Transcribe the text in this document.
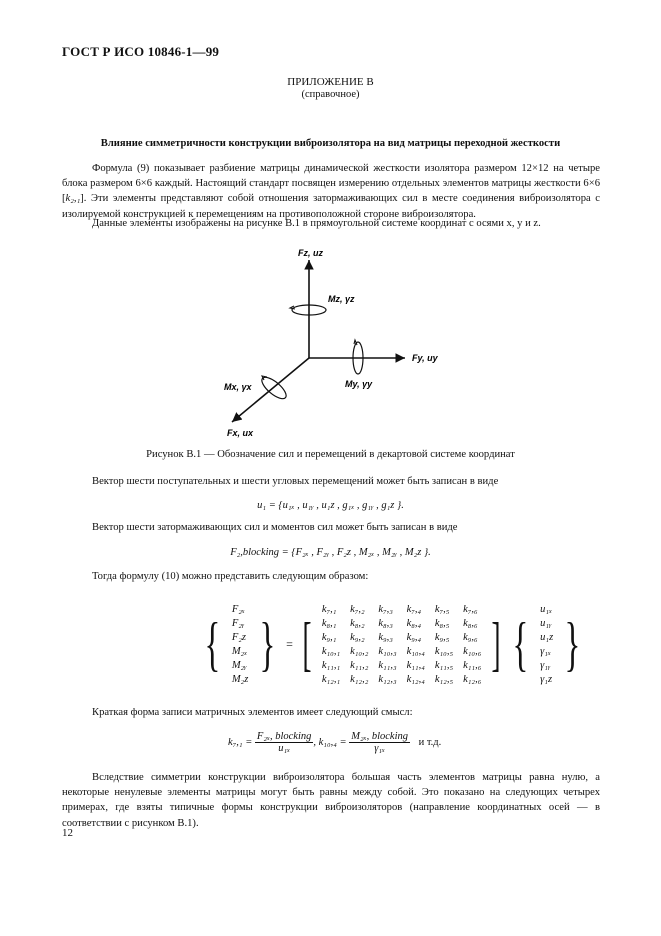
ГОСТ Р ИСО 10846-1—99
ПРИЛОЖЕНИЕ В
(справочное)
Влияние симметричности конструкции виброизолятора на вид матрицы переходной жесткости
Формула (9) показывает разбиение матрицы динамической жесткости изолятора размером 12×12 на четыре блока размером 6×6 каждый. Настоящий стандарт посвящен измерению отдельных элементов матрицы жесткости 6×6 [k₂,₁]. Эти элементы представляют собой отношения затормаживающих сил в месте соединения виброизолятора с изолируемой конструкцией к перемещениям на противоположной стороне виброизолятора.
Данные элементы изображены на рисунке В.1 в прямоугольной системе координат с осями x, y и z.
Fz, uz
Mz, γz
Fy, uy
My, γy
Mx, γx
Fx, ux
Рисунок В.1 — Обозначение сил и перемещений в декартовой системе координат
Вектор шести поступательных и шести угловых перемещений может быть записан в виде
u₁ = {u₁ₓ , u₁ᵧ , u₁z , g₁ₓ , g₁ᵧ , g₁z }.
Вектор шести затормаживающих сил и моментов сил может быть записан в виде
F₂,blocking = {F₂ₓ , F₂ᵧ , F₂z , M₂ₓ , M₂ᵧ , M₂z }.
Тогда формулу (10) можно представить следующим образом:
{
F₂ₓ
F₂ᵧ
F₂z
M₂ₓ
M₂ᵧ
M₂z
} = [
k₇,₁	k₇,₂	k₇,₃	k₇,₄	k₇,₅	k₇,₆
k₈,₁	k₈,₂	k₈,₃	k₈,₄	k₈,₅	k₈,₆
k₉,₁	k₉,₂	k₉,₃	k₉,₄	k₉,₅	k₉,₆
k₁₀,₁	k₁₀,₂	k₁₀,₃	k₁₀,₄	k₁₀,₅	k₁₀,₆
k₁₁,₁	k₁₁,₂	k₁₁,₃	k₁₁,₄	k₁₁,₅	k₁₁,₆
k₁₂,₁	k₁₂,₂	k₁₂,₃	k₁₂,₄	k₁₂,₅	k₁₂,₆
] {
u₁ₓ
u₁ᵧ
u₁z
γ₁ₓ
γ₁ᵧ
γ₁z
}
Краткая форма записи матричных элементов имеет следующий смысл:
$k_7,_1 = \frac{\text{F₂ₓ, blocking}}{\text{u₁ₓ}}$ , $k_{10},_4 = \frac{\text{M₂ₓ, blocking}}{\text{γ₁ₓ}}$ и т.д.
Вследствие симметрии конструкции виброизолятора большая часть элементов матрицы равна нулю, а некоторые ненулевые элементы матрицы могут быть равны между собой. Это показано на следующих четырех примерах, где взяты типичные формы конструкции виброизоляторов (направление координатных осей — в соответствии с рисунком В.1).
12
